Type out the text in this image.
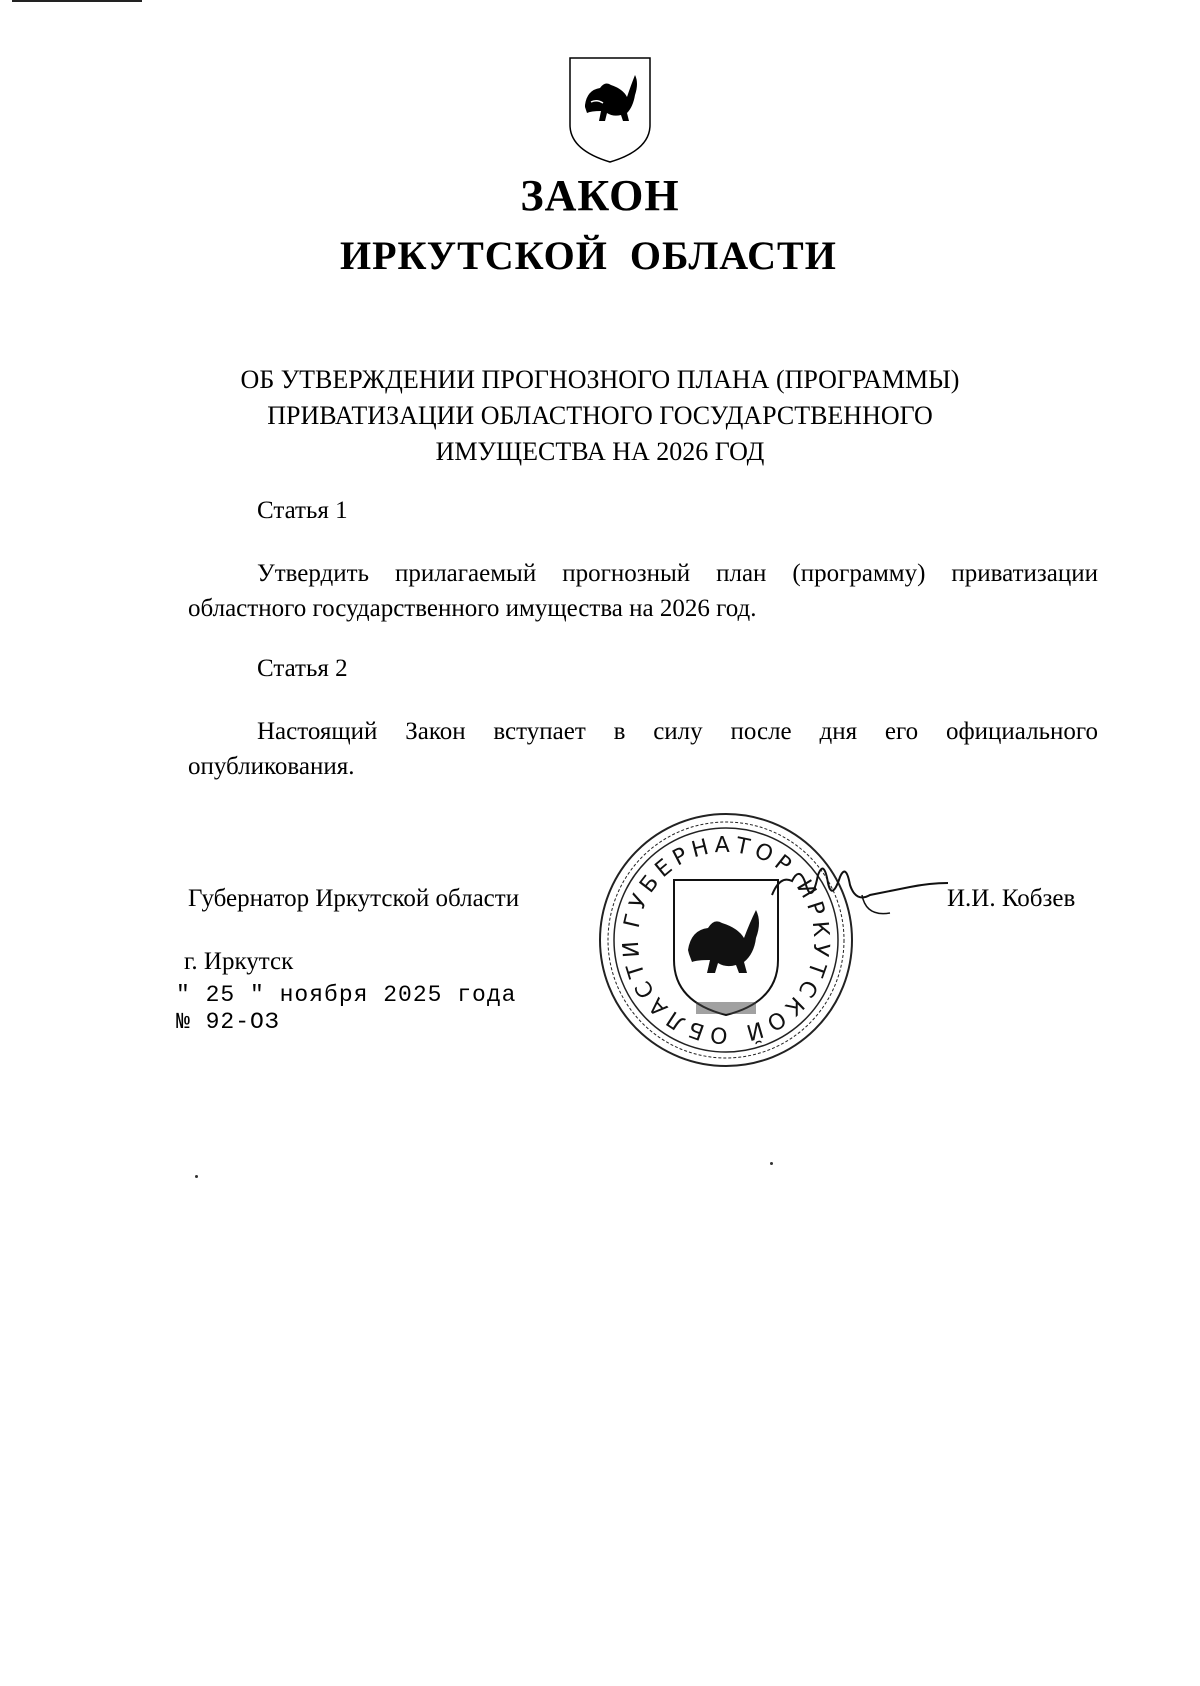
ЗАКОН
ИРКУТСКОЙ  ОБЛАСТИ
ОБ УТВЕРЖДЕНИИ ПРОГНОЗНОГО ПЛАНА (ПРОГРАММЫ)
ПРИВАТИЗАЦИИ ОБЛАСТНОГО ГОСУДАРСТВЕННОГО
ИМУЩЕСТВА НА 2026 ГОД
Статья 1
Утвердить прилагаемый прогнозный план (программу) приватизации
областного государственного имущества на 2026 год.
Статья 2
Настоящий Закон вступает в силу после дня его официального
опубликования.
ГУБЕРНАТОР ИРКУТСКОЙ ОБЛАСТИ
Губернатор Иркутской области	И.И. Кобзев
г. Иркутск
" 25 " ноября 2025 года
№ 92-ОЗ
